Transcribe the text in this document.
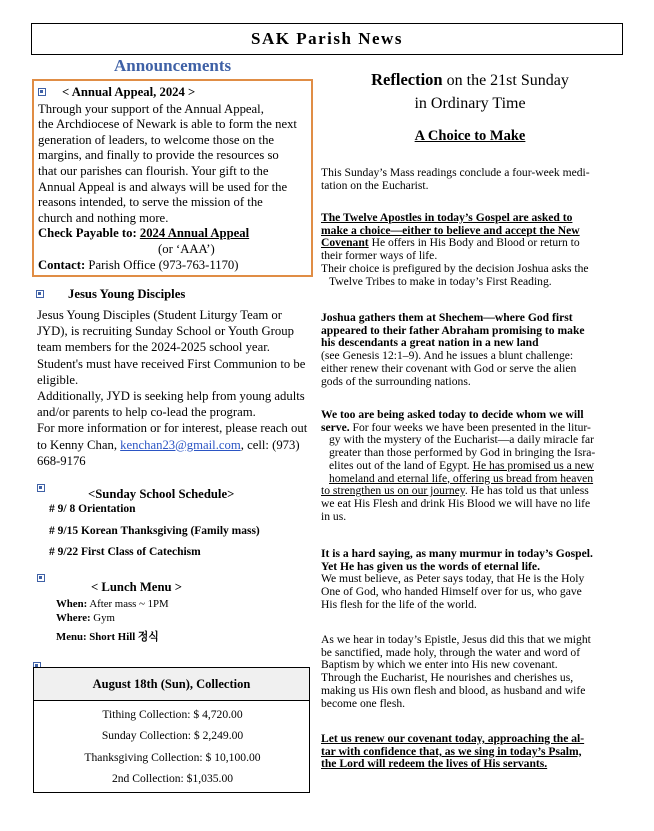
SAK Parish News
Announcements
< Annual Appeal, 2024 >
Through your support of the Annual Appeal,
the Archdiocese of Newark is able to form the next
generation of leaders, to welcome those on the
margins, and finally to provide the resources so
that our parishes can flourish. Your gift to the
Annual Appeal is and always will be used for the
reasons intended, to serve the mission of the
church and nothing more.
Check Payable to: 2024 Annual Appeal
(or ‘AAA’)
Contact: Parish Office (973-763-1170)
Jesus Young Disciples
Jesus Young Disciples (Student Liturgy Team or
JYD), is recruiting Sunday School or Youth Group
team members for the 2024-2025 school year.
Student's must have received First Communion to be
eligible.
Additionally, JYD is seeking help from young adults
and/or parents to help co-lead the program.
For more information or for interest, please reach out
to Kenny Chan, kenchan23@gmail.com, cell: (973)
668-9176
<Sunday School Schedule>
# 9/ 8 Orientation
# 9/15 Korean Thanksgiving (Family mass)
# 9/22 First Class of Catechism
< Lunch Menu >
When: After mass ~ 1PM
Where: Gym
Menu: Short Hill 정식
August 18th (Sun), Collection
Tithing Collection: $ 4,720.00
Sunday Collection: $ 2,249.00
Thanksgiving Collection: $ 10,100.00
2nd Collection: $1,035.00
Reflection on the 21st Sunday
in Ordinary Time
A Choice to Make
This Sunday’s Mass readings conclude a four-week medi-
tation on the Eucharist.
The Twelve Apostles in today’s Gospel are asked to
make a choice—either to believe and accept the New
Covenant He offers in His Body and Blood or return to
their former ways of life.
Their choice is prefigured by the decision Joshua asks the
Twelve Tribes to make in today’s First Reading.
Joshua gathers them at Shechem—where God first
appeared to their father Abraham promising to make
his descendants a great nation in a new land
(see Genesis 12:1–9). And he issues a blunt challenge:
either renew their covenant with God or serve the alien
gods of the surrounding nations.
We too are being asked today to decide whom we will
serve. For four weeks we have been presented in the litur-
gy with the mystery of the Eucharist—a daily miracle far
greater than those performed by God in bringing the Isra-
elites out of the land of Egypt. He has promised us a new
homeland and eternal life, offering us bread from heaven
to strengthen us on our journey. He has told us that unless
we eat His Flesh and drink His Blood we will have no life
in us.
It is a hard saying, as many murmur in today’s Gospel.
Yet He has given us the words of eternal life.
We must believe, as Peter says today, that He is the Holy
One of God, who handed Himself over for us, who gave
His flesh for the life of the world.
As we hear in today’s Epistle, Jesus did this that we might
be sanctified, made holy, through the water and word of
Baptism by which we enter into His new covenant.
Through the Eucharist, He nourishes and cherishes us,
making us His own flesh and blood, as husband and wife
become one flesh.
Let us renew our covenant today, approaching the al-
tar with confidence that, as we sing in today’s Psalm,
the Lord will redeem the lives of His servants.
